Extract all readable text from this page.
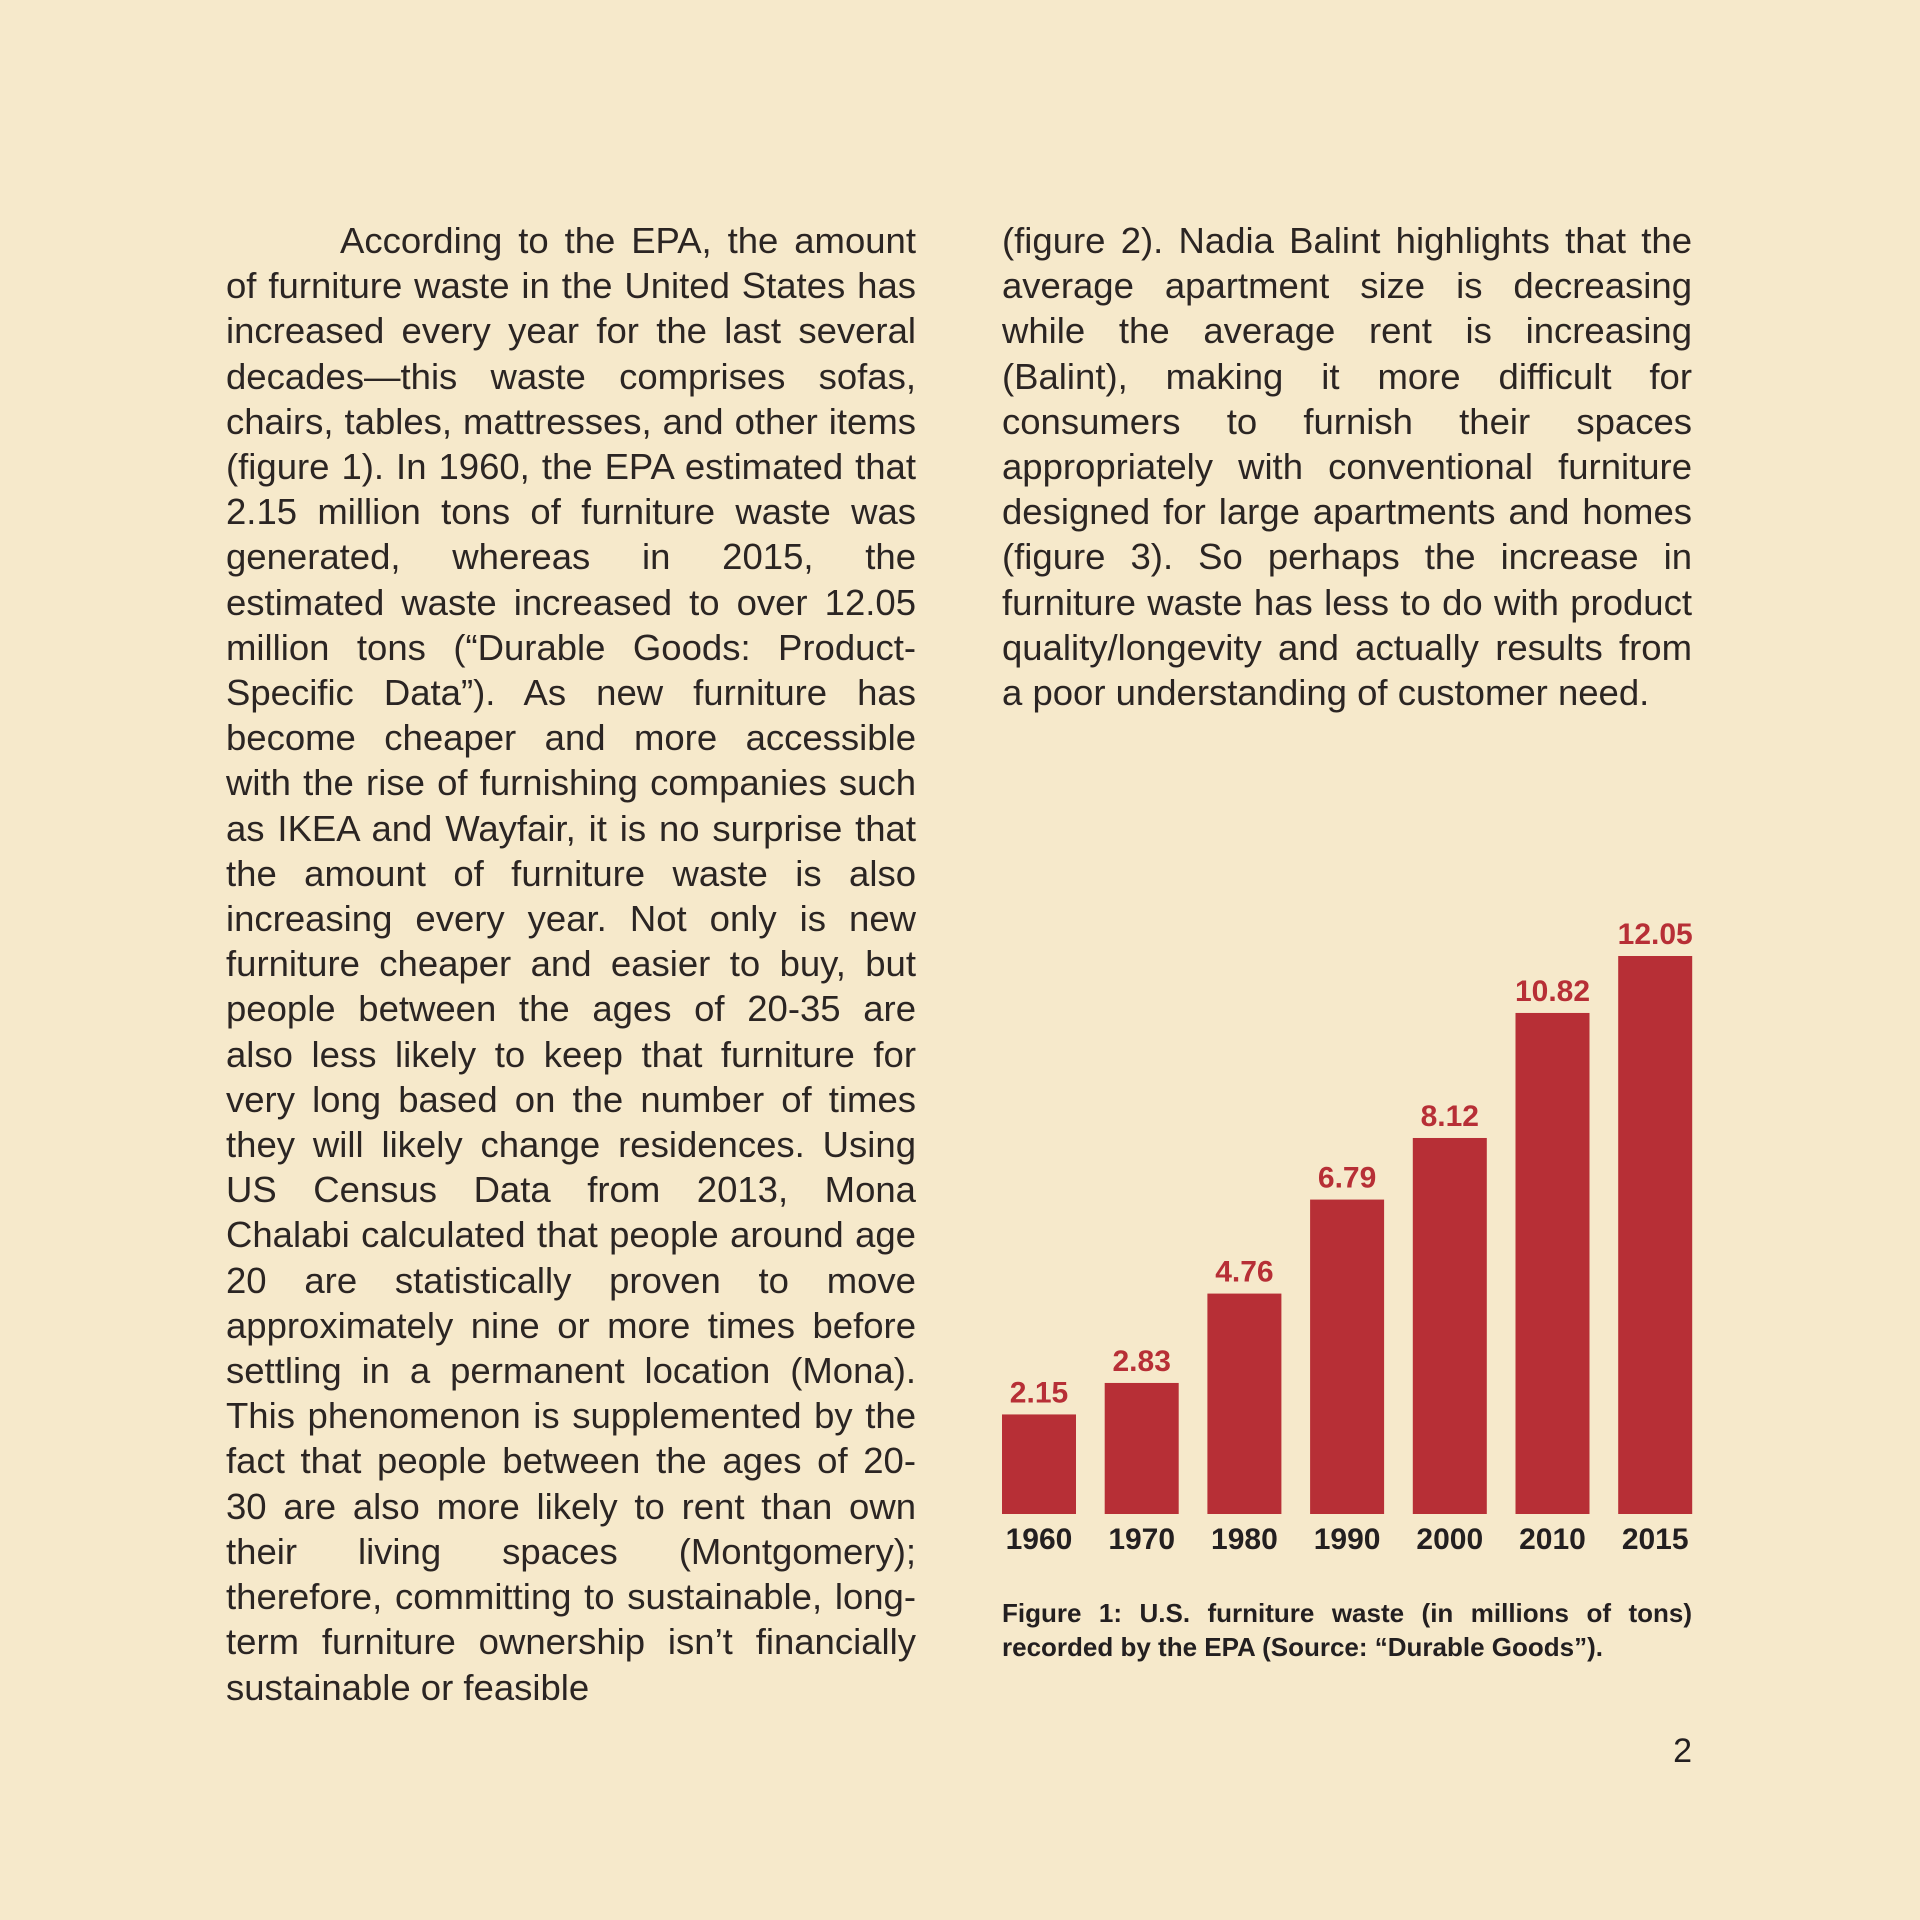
According to the EPA, the amount of furniture waste in the United States has increased every year for the last several decades—this waste comprises sofas, chairs, tables, mattresses, and other items (figure 1). In 1960, the EPA estimated that 2.15 million tons of furniture waste was generated, whereas in 2015, the estimated waste increased to over 12.05 million tons (“Durable Goods: Product-Specific Data”). As new furniture has become cheaper and more accessible with the rise of furnishing companies such as IKEA and Wayfair, it is no surprise that the amount of furniture waste is also increasing every year. Not only is new furniture cheaper and easier to buy, but people between the ages of 20-35 are also less likely to keep that furniture for very long based on the number of times they will likely change residences. Using US Census Data from 2013, Mona Chalabi calculated that people around age 20 are statistically proven to move approximately nine or more times before settling in a permanent location (Mona). This phenomenon is supplemented by the fact that people between the ages of 20-30 are also more likely to rent than own their living spaces (Montgomery); therefore, committing to sustainable, long-term furniture ownership isn’t financially sustainable or feasible

(figure 2). Nadia Balint highlights that the average apartment size is decreasing while the average rent is increasing (Balint), making it more difficult for consumers to furnish their spaces appropriately with conventional furniture designed for large apartments and homes (figure 3). So perhaps the increase in furniture waste has less to do with product quality/longevity and actually results from a poor understanding of customer need.

2.15
1960
2.83
1970
4.76
1980
6.79
1990
8.12
2000
10.82
2010
12.05
2015
Figure 1: U.S. furniture waste (in millions of tons) recorded by the EPA (Source: “Durable Goods”).
2
